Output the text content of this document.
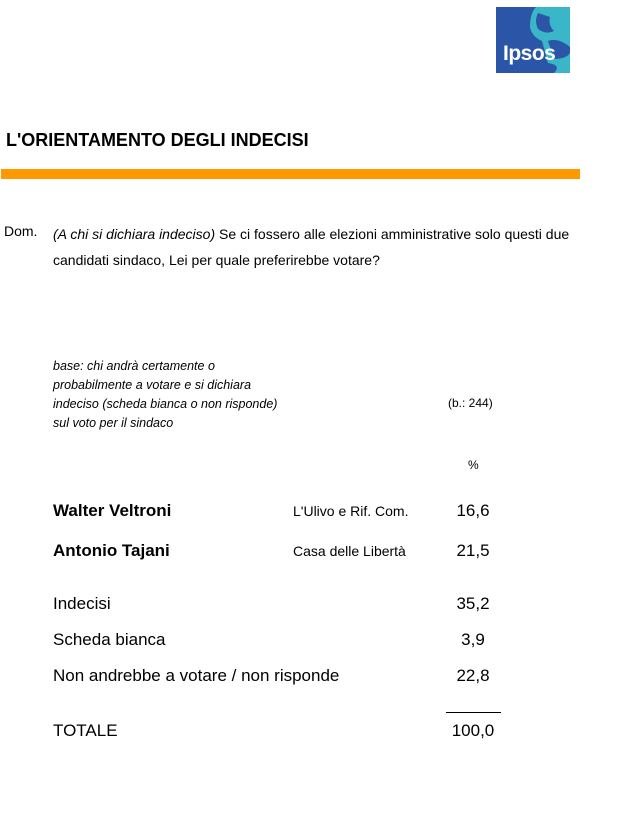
Ipsos
L'ORIENTAMENTO DEGLI INDECISI
Dom. (A chi si dichiara indeciso) Se ci fossero alle elezioni amministrative solo questi due candidati sindaco, Lei per quale preferirebbe votare?
base: chi andrà certamente o probabilmente a votare e si dichiara indeciso (scheda bianca o non risponde) sul voto per il sindaco
(b.: 244)
%
Walter Veltroni	L'Ulivo e Rif. Com.	16,6
Antonio Tajani	Casa delle Libertà	21,5
Indecisi	35,2
Scheda bianca	3,9
Non andrebbe a votare / non risponde	22,8
TOTALE	100,0
